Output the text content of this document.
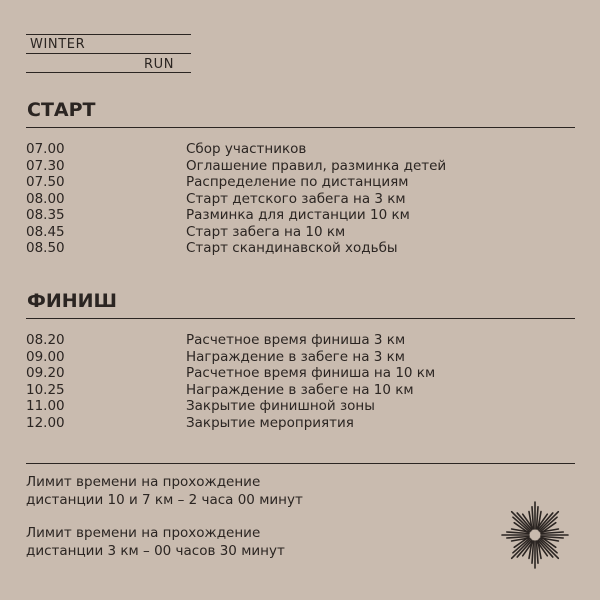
WINTER
RUN
СТАРТ
07.00	Сбор участников
07.30	Оглашение правил, разминка детей
07.50	Распределение по дистанциям
08.00	Старт детского забега на 3 км
08.35	Разминка для дистанции 10 км
08.45	Старт забега на 10 км
08.50	Старт скандинавской ходьбы
ФИНИШ
08.20	Расчетное время финиша 3 км
09.00	Награждение в забеге на 3 км
09.20	Расчетное время финиша на 10 км
10.25	Награждение в забеге на 10 км
11.00	Закрытие финишной зоны
12.00	Закрытие мероприятия

Лимит времени на прохождение
дистанции 10 и 7 км – 2 часа 00 минут

Лимит времени на прохождение
дистанции 3 км – 00 часов 30 минут
